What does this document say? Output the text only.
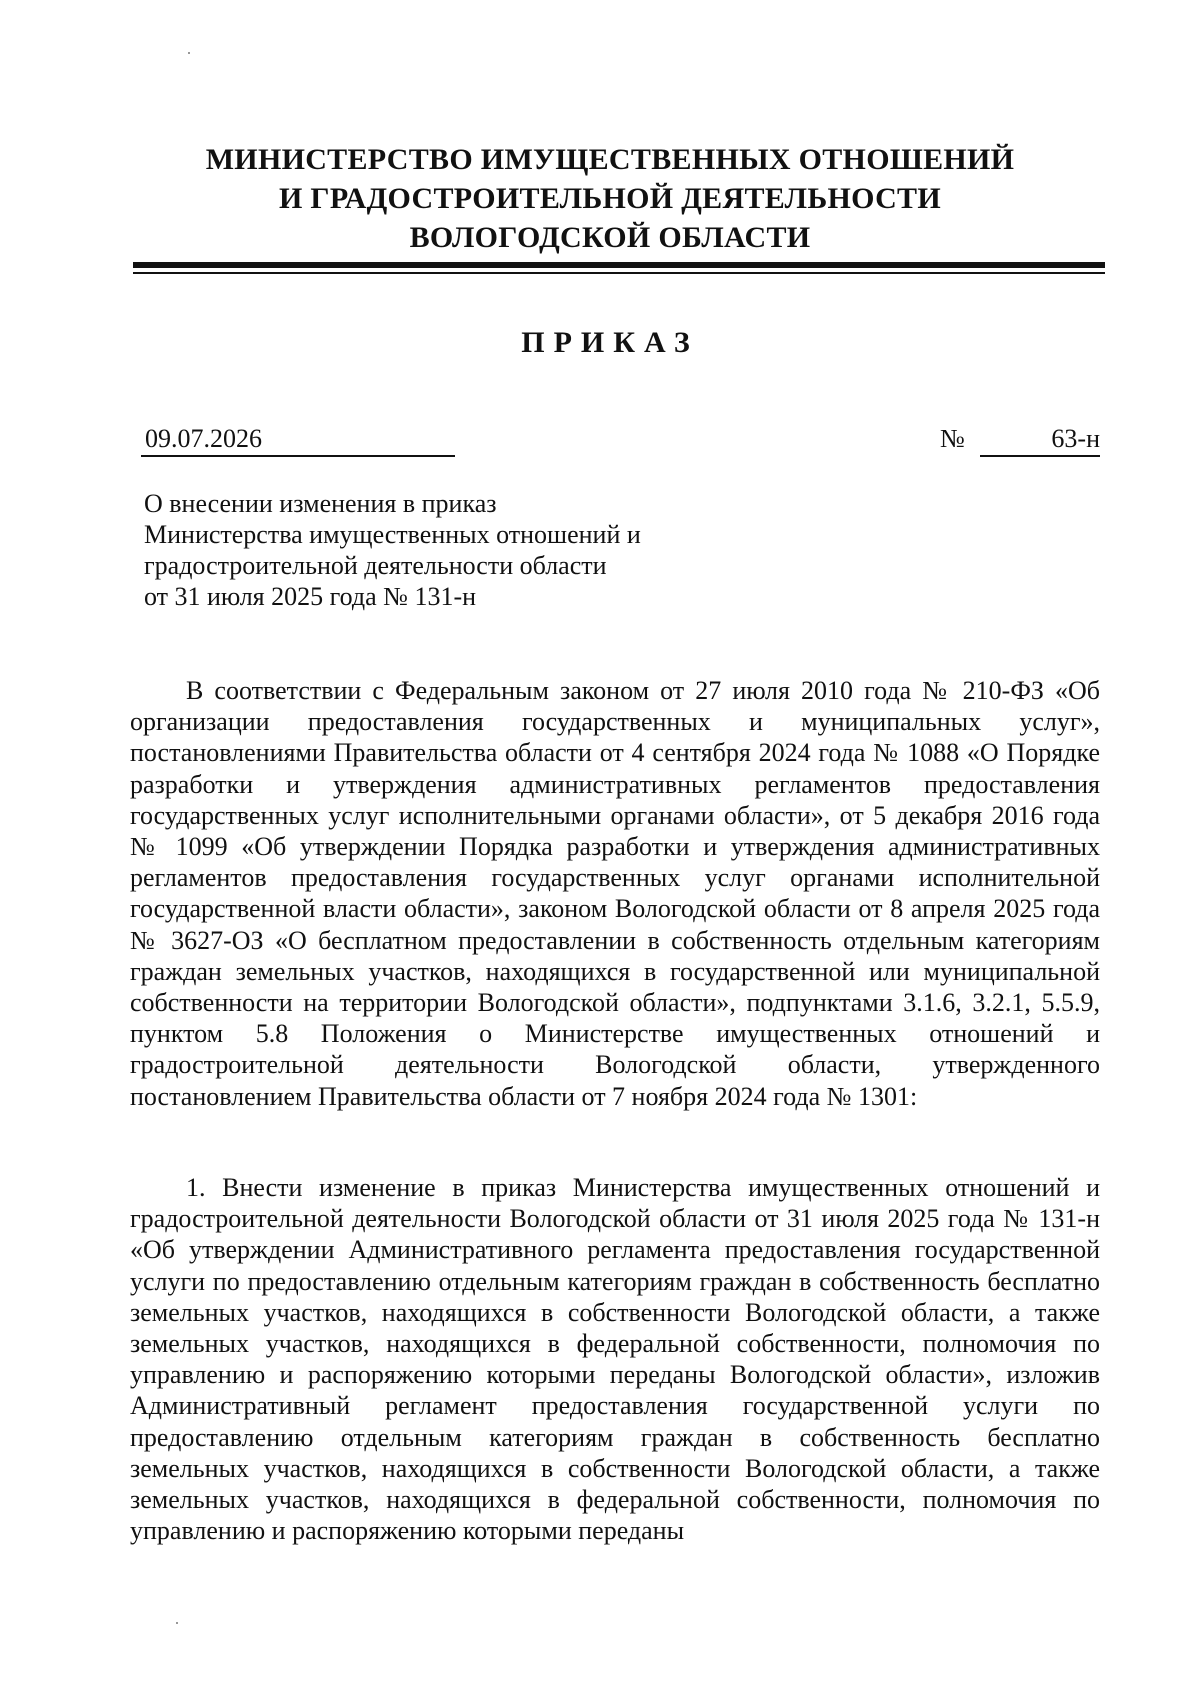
МИНИСТЕРСТВО ИМУЩЕСТВЕННЫХ ОТНОШЕНИЙ
И ГРАДОСТРОИТЕЛЬНОЙ ДЕЯТЕЛЬНОСТИ
ВОЛОГОДСКОЙ ОБЛАСТИ
ПРИКАЗ
09.07.2026	№	63-н
О внесении изменения в приказ
Министерства имущественных отношений и
градостроительной деятельности области
от 31 июля 2025 года № 131-н
В соответствии с Федеральным законом от 27 июля 2010 года № 210-ФЗ «Об организации предоставления государственных и муниципальных услуг», постановлениями Правительства области от 4 сентября 2024 года № 1088 «О Порядке разработки и утверждения административных регламентов предоставления государственных услуг исполнительными органами области», от 5 декабря 2016 года № 1099 «Об утверждении Порядка разработки и утверждения административных регламентов предоставления государственных услуг органами исполнительной государственной власти области», законом Вологодской области от 8 апреля 2025 года № 3627-ОЗ «О бесплатном предоставлении в собственность отдельным категориям граждан земельных участков, находящихся в государственной или муниципальной собственности на территории Вологодской области», подпунктами 3.1.6, 3.2.1, 5.5.9, пунктом 5.8 Положения о Министерстве имущественных отношений и градостроительной деятельности Вологодской области, утвержденного постановлением Правительства области от 7 ноября 2024 года № 1301:
1. Внести изменение в приказ Министерства имущественных отношений и градостроительной деятельности Вологодской области от 31 июля 2025 года № 131-н «Об утверждении Административного регламента предоставления государственной услуги по предоставлению отдельным категориям граждан в собственность бесплатно земельных участков, находящихся в собственности Вологодской области, а также земельных участков, находящихся в федеральной собственности, полномочия по управлению и распоряжению которыми переданы Вологодской области», изложив Административный регламент предоставления государственной услуги по предоставлению отдельным категориям граждан в собственность бесплатно земельных участков, находящихся в собственности Вологодской области, а также земельных участков, находящихся в федеральной собственности, полномочия по управлению и распоряжению которыми переданы
